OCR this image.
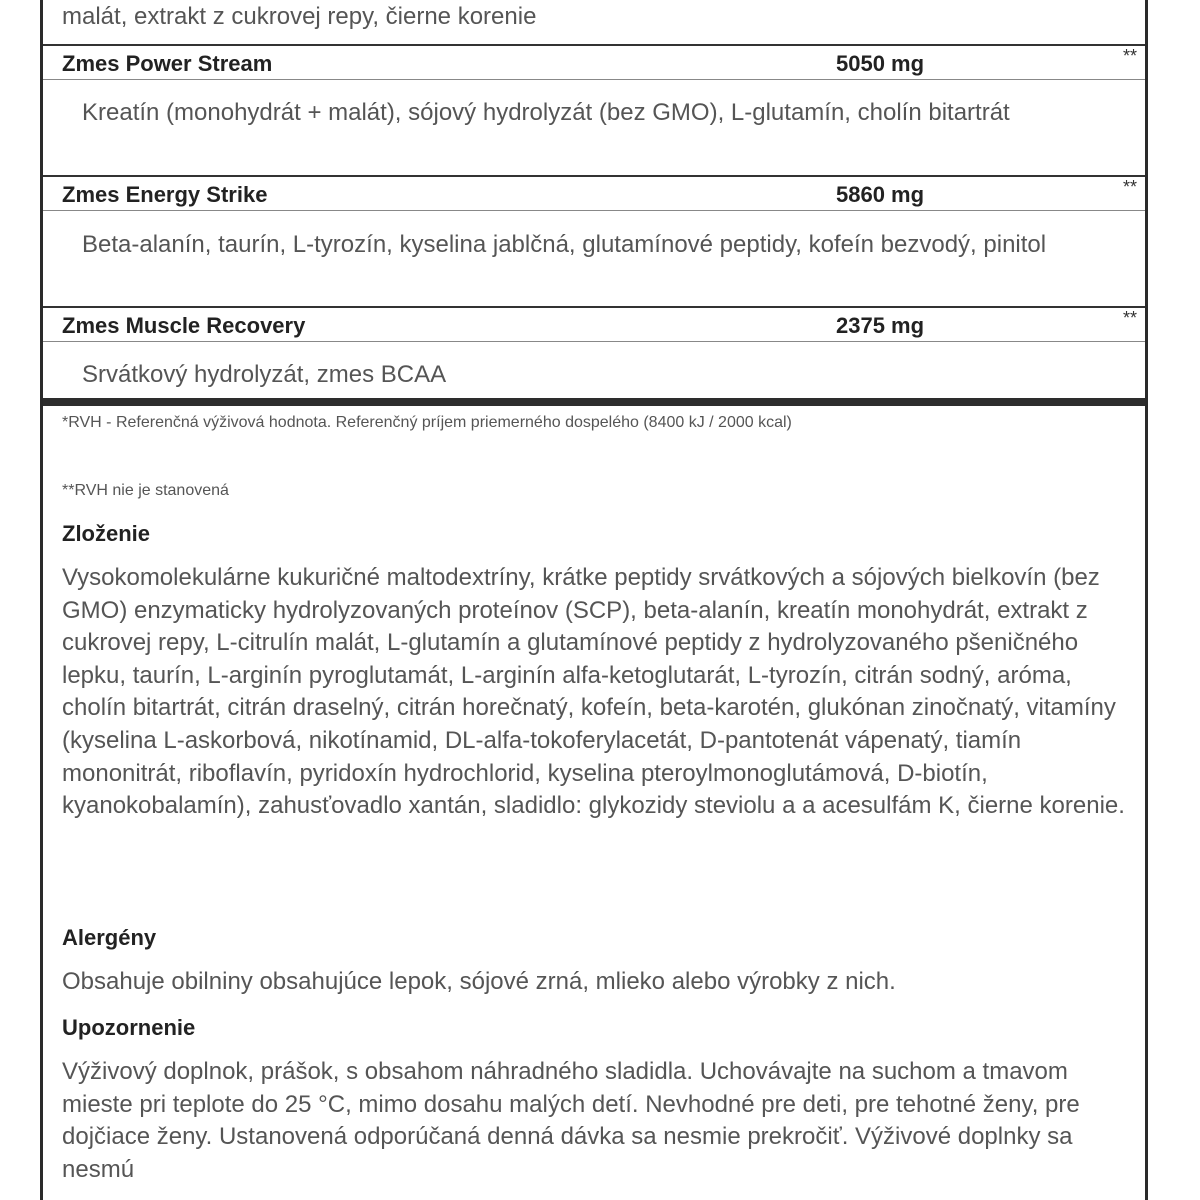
malát, extrakt z cukrovej repy, čierne korenie
Zmes Power Stream	5050 mg	**
Kreatín (monohydrát + malát), sójový hydrolyzát (bez GMO), L-glutamín, cholín bitartrát
Zmes Energy Strike	5860 mg	**
Beta-alanín, taurín, L-tyrozín, kyselina jablčná, glutamínové peptidy, kofeín bezvodý, pinitol
Zmes Muscle Recovery	2375 mg	**
Srvátkový hydrolyzát, zmes BCAA
*RVH - Referenčná výživová hodnota. Referenčný príjem priemerného dospelého (8400 kJ / 2000 kcal)
**RVH nie je stanovená
Zloženie
Vysokomolekulárne kukuričné maltodextríny, krátke peptidy srvátkových a sójových bielkovín (bez GMO) enzymaticky hydrolyzovaných proteínov (SCP), beta-alanín, kreatín monohydrát, extrakt z cukrovej repy, L-citrulín malát, L-glutamín a glutamínové peptidy z hydrolyzovaného pšeničného lepku, taurín, L-arginín pyroglutamát, L-arginín alfa-ketoglutarát, L-tyrozín, citrán sodný, aróma, cholín bitartrát, citrán draselný, citrán horečnatý, kofeín, beta-karotén, glukónan zinočnatý, vitamíny (kyselina L-askorbová, nikotínamid, DL-alfa-tokoferylacetát, D-pantotenát vápenatý, tiamín mononitrát, riboflavín, pyridoxín hydrochlorid, kyselina pteroylmonoglutámová, D-biotín, kyanokobalamín), zahusťovadlo xantán, sladidlo: glykozidy steviolu a a acesulfám K, čierne korenie.
Alergény
Obsahuje obilniny obsahujúce lepok, sójové zrná, mlieko alebo výrobky z nich.
Upozornenie
Výživový doplnok, prášok, s obsahom náhradného sladidla. Uchovávajte na suchom a tmavom mieste pri teplote do 25 °C, mimo dosahu malých detí. Nevhodné pre deti, pre tehotné ženy, pre dojčiace ženy. Ustanovená odporúčaná denná dávka sa nesmie prekročiť. Výživové doplnky sa nesmú
